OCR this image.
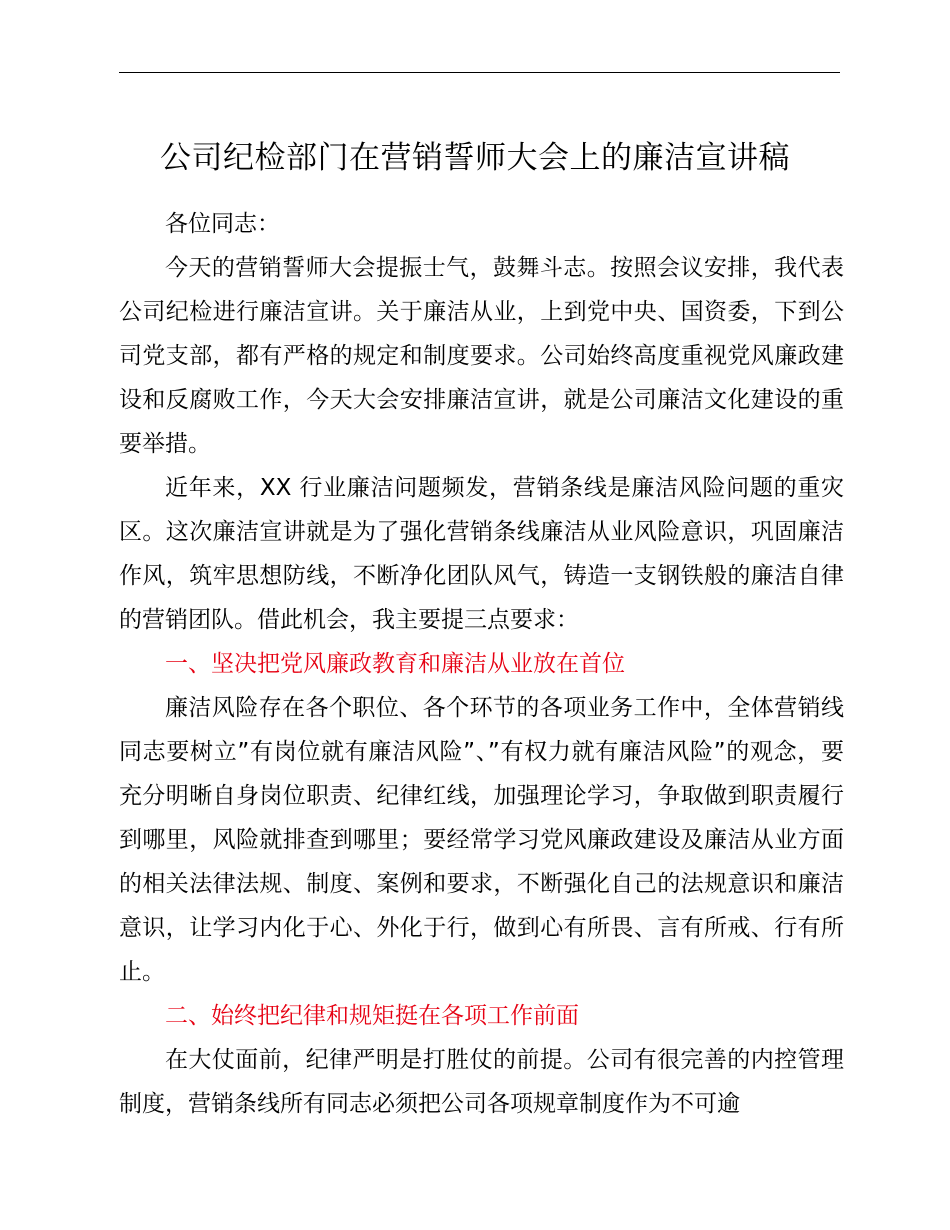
公司纪检部门在营销誓师大会上的廉洁宣讲稿

各位同志：

今天的营销誓师大会提振士气，鼓舞斗志。按照会议安排，我代表公司纪检进行廉洁宣讲。关于廉洁从业，上到党中央、国资委，下到公司党支部，都有严格的规定和制度要求。公司始终高度重视党风廉政建设和反腐败工作，今天大会安排廉洁宣讲，就是公司廉洁文化建设的重要举措。

近年来，XX 行业廉洁问题频发，营销条线是廉洁风险问题的重灾区。这次廉洁宣讲就是为了强化营销条线廉洁从业风险意识，巩固廉洁作风，筑牢思想防线，不断净化团队风气，铸造一支钢铁般的廉洁自律的营销团队。借此机会，我主要提三点要求：

一、坚决把党风廉政教育和廉洁从业放在首位

廉洁风险存在各个职位、各个环节的各项业务工作中，全体营销线同志要树立”有岗位就有廉洁风险”、”有权力就有廉洁风险”的观念，要充分明晰自身岗位职责、纪律红线，加强理论学习，争取做到职责履行到哪里，风险就排查到哪里；要经常学习党风廉政建设及廉洁从业方面的相关法律法规、制度、案例和要求，不断强化自己的法规意识和廉洁意识，让学习内化于心、外化于行，做到心有所畏、言有所戒、行有所止。

二、始终把纪律和规矩挺在各项工作前面

在大仗面前，纪律严明是打胜仗的前提。公司有很完善的内控管理制度，营销条线所有同志必须把公司各项规章制度作为不可逾
